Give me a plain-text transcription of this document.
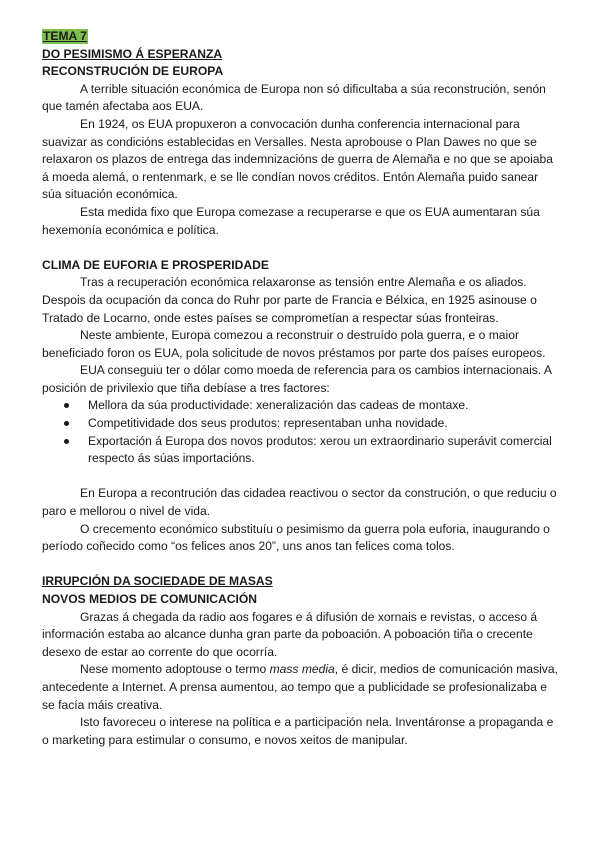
TEMA 7

DO PESIMISMO Á ESPERANZA

RECONSTRUCIÓN DE EUROPA

A terrible situación económica de Europa non só dificultaba a súa reconstrución, senón que tamén afectaba aos EUA.

En 1924, os EUA propuxeron a convocación dunha conferencia internacional para suavizar as condicións establecidas en Versalles. Nesta aprobouse o Plan Dawes no que se relaxaron os plazos de entrega das indemnizacións de guerra de Alemaña e no que se apoiaba á moeda alemá, o rentenmark, e se lle condían novos créditos. Entón Alemaña puido sanear súa situación económica.

Esta medida fixo que Europa comezase a recuperarse e que os EUA aumentaran súa hexemonía económica e política.

CLIMA DE EUFORIA E PROSPERIDADE

Tras a recuperación económica relaxaronse as tensión entre Alemaña e os aliados. Despois da ocupación da conca do Ruhr por parte de Francia e Bélxica, en 1925 asinouse o Tratado de Locarno, onde estes países se comprometían a respectar súas fronteiras.

Neste ambiente, Europa comezou a reconstruir o destruído pola guerra, e o maior beneficiado foron os EUA, pola solicitude de novos préstamos por parte dos países europeos.

EUA conseguiu ter o dólar como moeda de referencia para os cambios internacionais. A posición de privilexio que tiña debíase a tres factores:

Mellora da súa productividade: xeneralización das cadeas de montaxe.
Competitividade dos seus produtos: representaban unha novidade.
Exportación á Europa dos novos produtos: xerou un extraordinario superávit comercial respecto ás súas importacións.

En Europa a recontrución das cidadea reactivou o sector da construción, o que reduciu o paro e mellorou o nivel de vida.

O crecemento económico substituíu o pesimismo da guerra pola euforia, inaugurando o período coñecido como “os felices anos 20”, uns anos tan felices coma tolos.

IRRUPCIÓN DA SOCIEDADE DE MASAS

NOVOS MEDIOS DE COMUNICACIÓN

Grazas á chegada da radio aos fogares e á difusión de xornais e revistas, o acceso á información estaba ao alcance dunha gran parte da poboación. A poboación tiña o crecente desexo de estar ao corrente do que ocorría.

Nese momento adoptouse o termo mass media, é dicir, medios de comunicación masiva, antecedente a Internet. A prensa aumentou, ao tempo que a publicidade se profesionalizaba e se facía máis creativa.

Isto favoreceu o interese na política e a participación nela. Inventáronse a propaganda e o marketing para estimular o consumo, e novos xeitos de manipular.
